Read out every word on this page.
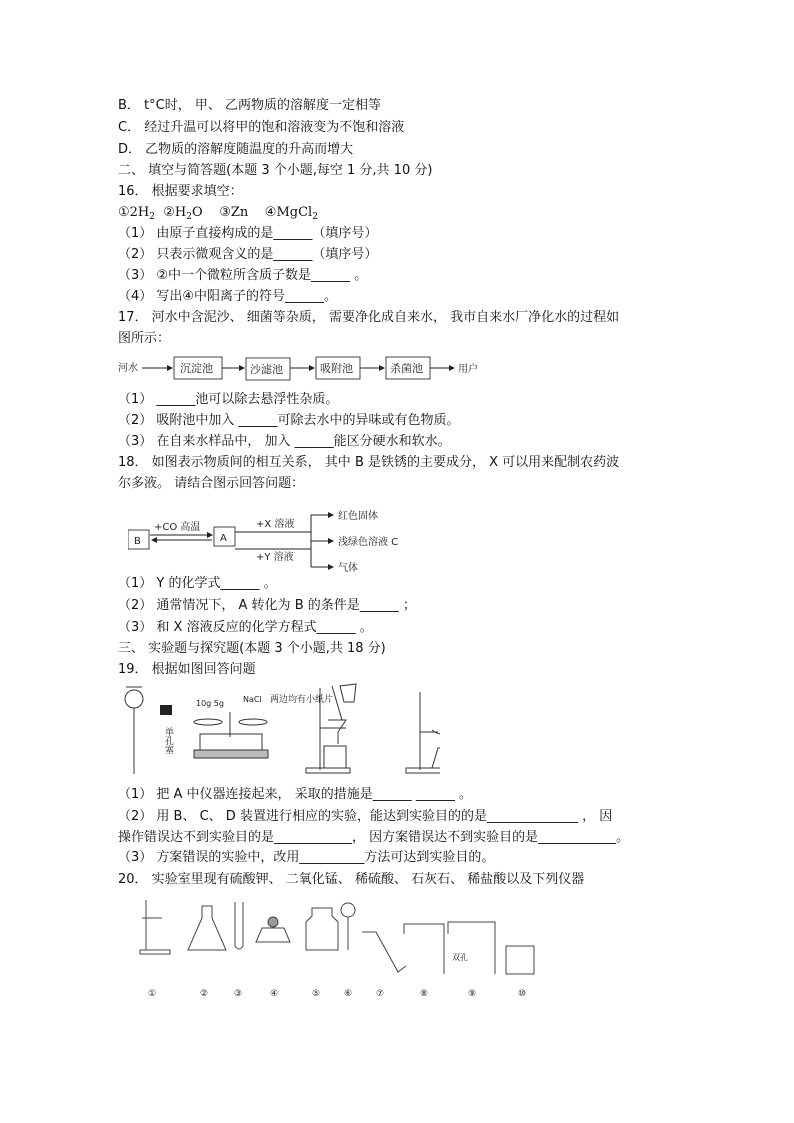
B． t°C时， 甲、 乙两物质的溶解度一定相等
C． 经过升温可以将甲的饱和溶液变为不饱和溶液
D． 乙物质的溶解度随温度的升高而增大
二、 填空与简答题(本题 3 个小题,每空 1 分,共 10 分)
16． 根据要求填空：
$①2H_2$ $②H_2O$ ③Zn ④MgCl$_2$
（1） 由原子直接构成的是______（填序号）
（2） 只表示微观含义的是______（填序号）
（3） ②中一个微粒所含质子数是______ 。
（4） 写出④中阳离子的符号______。
17． 河水中含泥沙、 细菌等杂质， 需要净化成自来水， 我市自来水厂净化水的过程如
图所示：
河水	沉淀池	沙滤池	吸附池	杀菌池	用户
（1） ______池可以除去悬浮性杂质。
（2） 吸附池中加入 ______可除去水中的异味或有色物质。
（3） 在自来水样品中， 加入 ______能区分硬水和软水。
18． 如图表示物质间的相互关系， 其中 B 是铁锈的主要成分， X 可以用来配制农药波
尔多液。 请结合图示回答问题：
B	A
+CO 高温	+X 溶液
+Y 溶液
红色固体
浅绿色溶液 C
气体
（1） Y 的化学式______ 。
（2） 通常情况下， A 转化为 B 的条件是______ ；
（3） 和 X 溶液反应的化学方程式______ 。
三、 实验题与探究题(本题 3 个小题,共 18 分)
19． 根据如图回答问题
单孔塞
10g 5g NaCl 两边均有小纸片
（1） 把 A 中仪器连接起来， 采取的措施是______ ______ 。
（2） 用 B、 C、 D 装置进行相应的实验，能达到实验目的的是______________ ， 因
操作错误达不到实验目的是____________， 因方案错误达不到实验目的是____________。
（3） 方案错误的实验中，改用__________方法可达到实验目的。
20． 实验室里现有硫酸钾、 二氧化锰、 稀硫酸、 石灰石、 稀盐酸以及下列仪器
双孔
①	②	③	④	⑤	⑥	⑦	⑧	⑨	⑩
